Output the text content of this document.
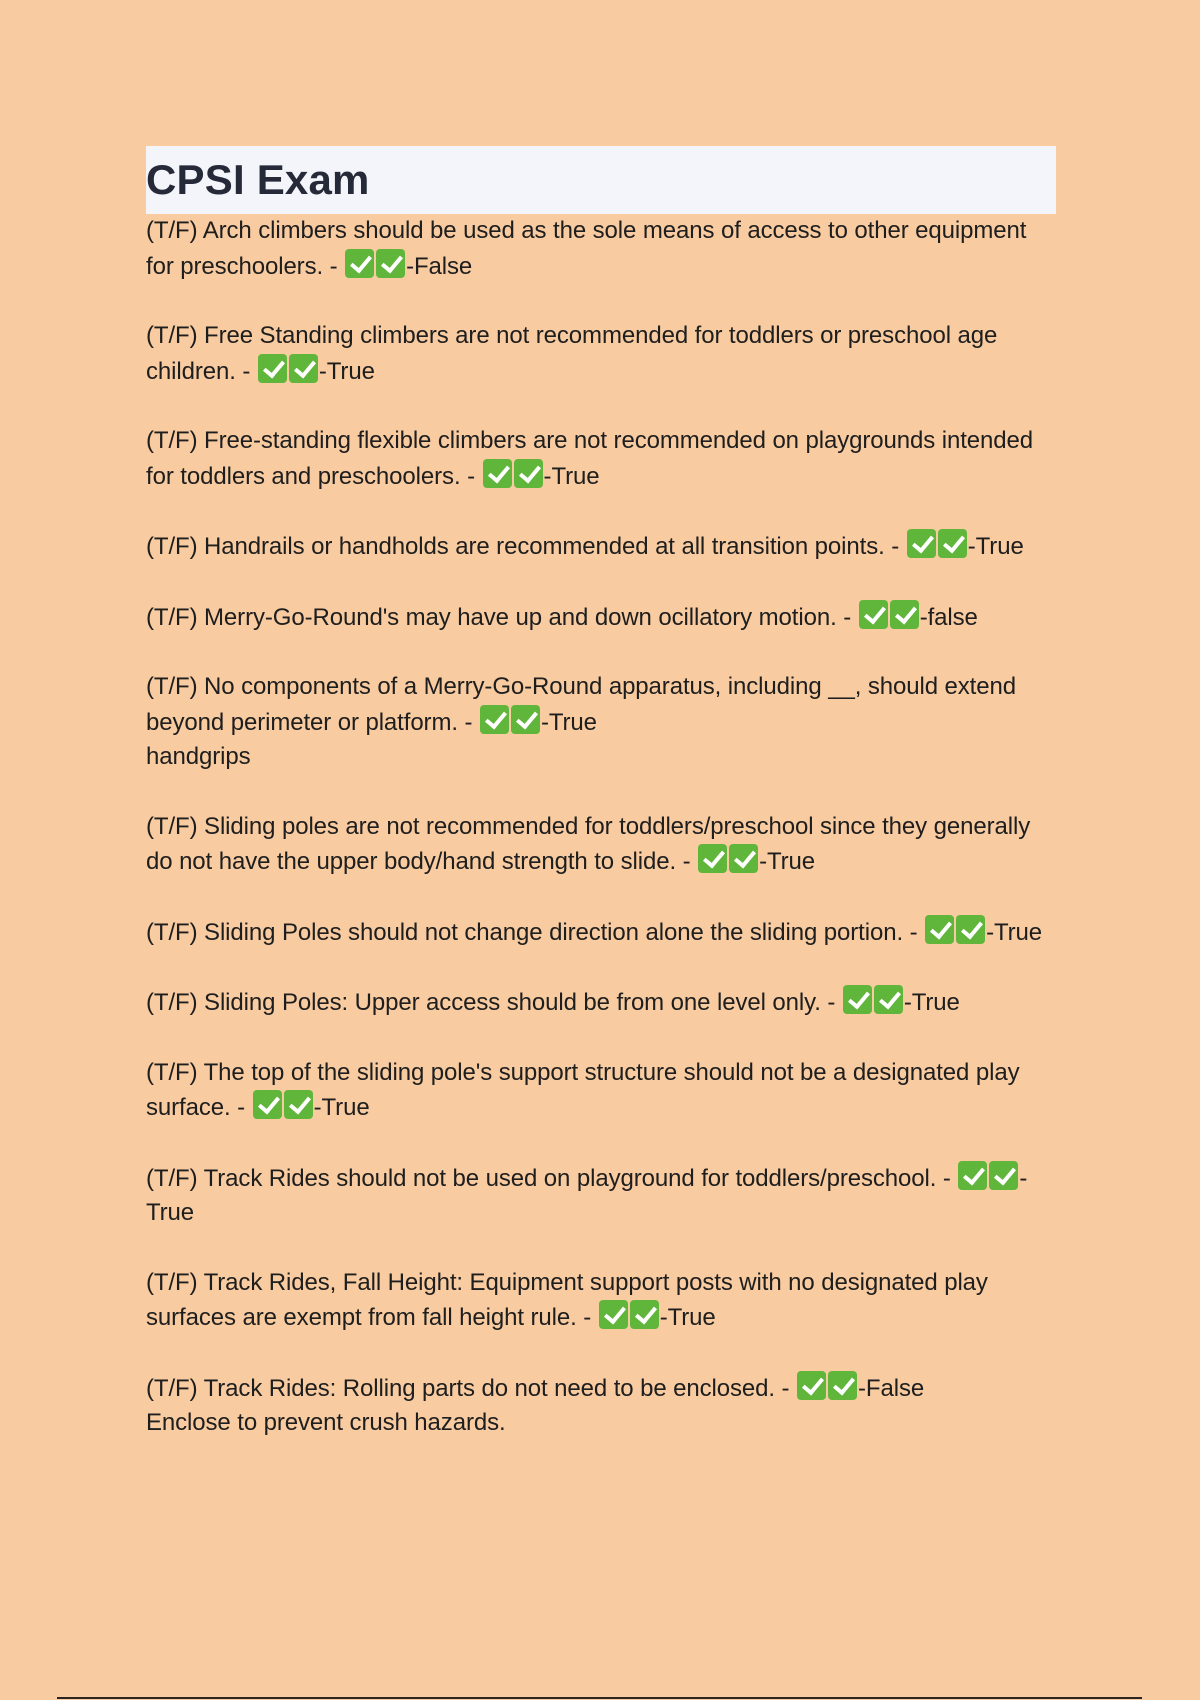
CPSI Exam

(T/F) Arch climbers should be used as the sole means of access to other equipment for preschoolers. -	-False

(T/F) Free Standing climbers are not recommended for toddlers or preschool age children. -	-True

(T/F) Free-standing flexible climbers are not recommended on playgrounds intended for toddlers and preschoolers. -	-True

(T/F) Handrails or handholds are recommended at all transition points. -	-True

(T/F) Merry-Go-Round's may have up and down ocillatory motion. -	-false

(T/F) No components of a Merry-Go-Round apparatus, including __, should extend beyond perimeter or platform. -	-True
handgrips

(T/F) Sliding poles are not recommended for toddlers/preschool since they generally do not have the upper body/hand strength to slide. -	-True

(T/F) Sliding Poles should not change direction alone the sliding portion. -	-True

(T/F) Sliding Poles: Upper access should be from one level only. -	-True

(T/F) The top of the sliding pole's support structure should not be a designated play surface. -	-True

(T/F) Track Rides should not be used on playground for toddlers/preschool. -	-True

(T/F) Track Rides, Fall Height: Equipment support posts with no designated play surfaces are exempt from fall height rule. -	-True

(T/F) Track Rides: Rolling parts do not need to be enclosed. -	-False
Enclose to prevent crush hazards.
